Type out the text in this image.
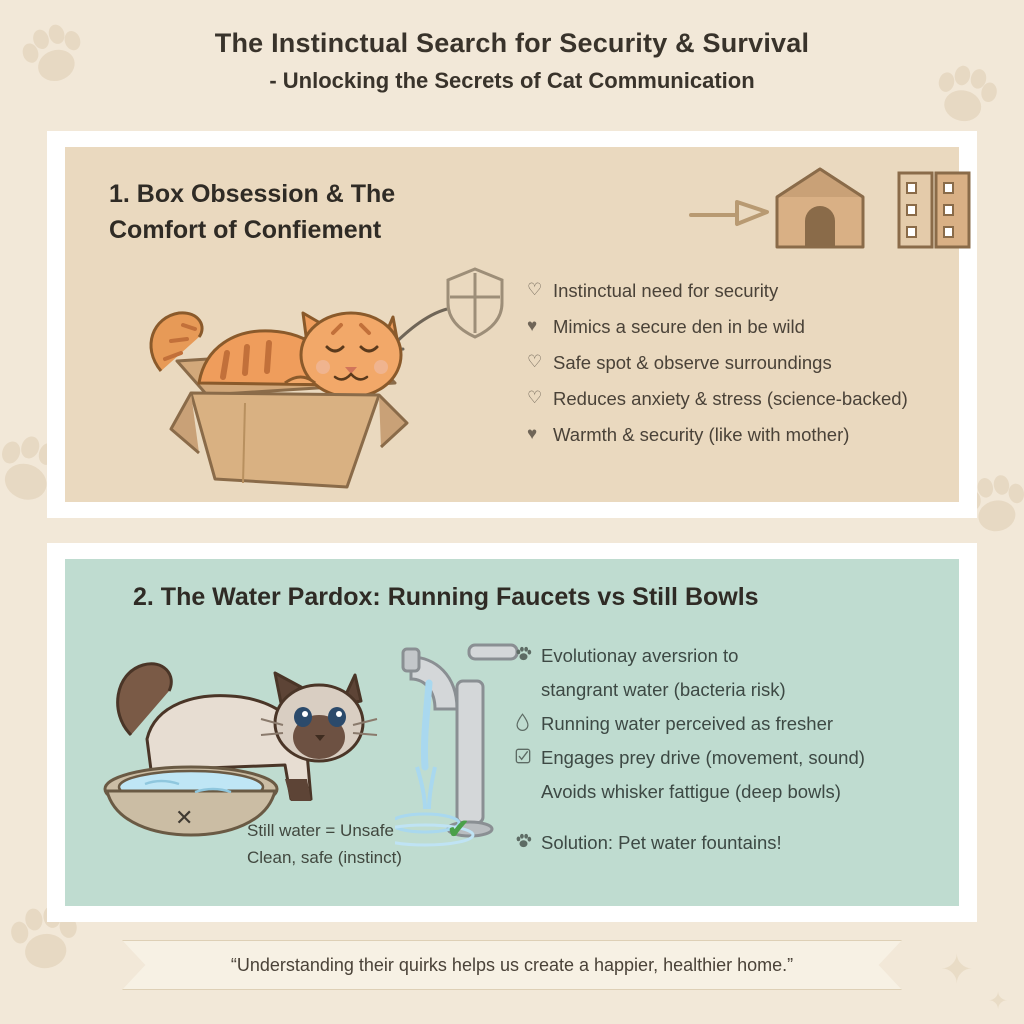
✦
✦
The Instinctual Search for Security & Survival
- Unlocking the Secrets of Cat Communication
1. Box Obsession & The
Comfort of Confiement
♡ Instinctual need for security
♥ Mimics a secure den in be wild
♡ Safe spot & observe surroundings
♡ Reduces anxiety & stress (science-backed)
♥ Warmth & security (like with mother)
2. The Water Pardox: Running Faucets vs Still Bowls
✕
Still water = Unsafe
Clean, safe (instinct)
✔
Evolutionay aversrion to
stangrant water (bacteria risk)
Running water perceived as fresher
Engages prey drive (movement, sound)
Avoids whisker fattigue (deep bowls)
Solution: Pet water fountains!
“Understanding their quirks helps us create a happier, healthier home.”
